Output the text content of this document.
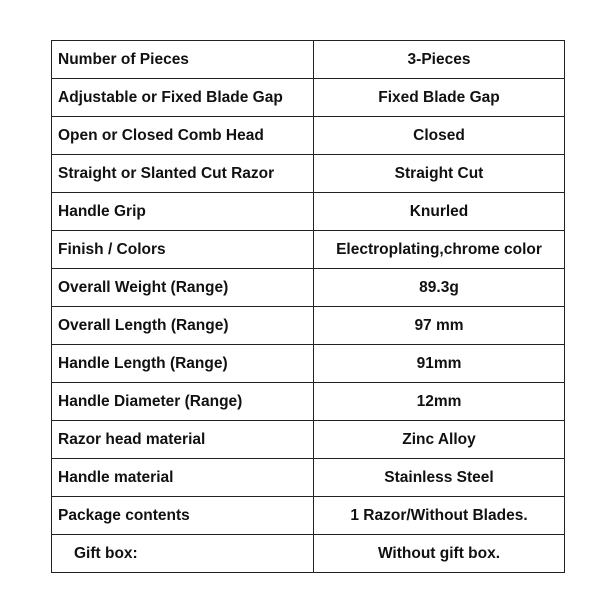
Number of Pieces	3-Pieces
Adjustable or Fixed Blade Gap	Fixed Blade Gap
Open or Closed Comb Head	Closed
Straight or Slanted Cut Razor	Straight Cut
Handle Grip	Knurled
Finish / Colors	Electroplating,chrome color
Overall Weight (Range)	89.3g
Overall Length (Range)	97 mm
Handle Length (Range)	91mm
Handle Diameter (Range)	12mm
Razor head material	Zinc Alloy
Handle material	Stainless Steel
Package contents	1 Razor/Without Blades.
Gift box:	Without gift box.
